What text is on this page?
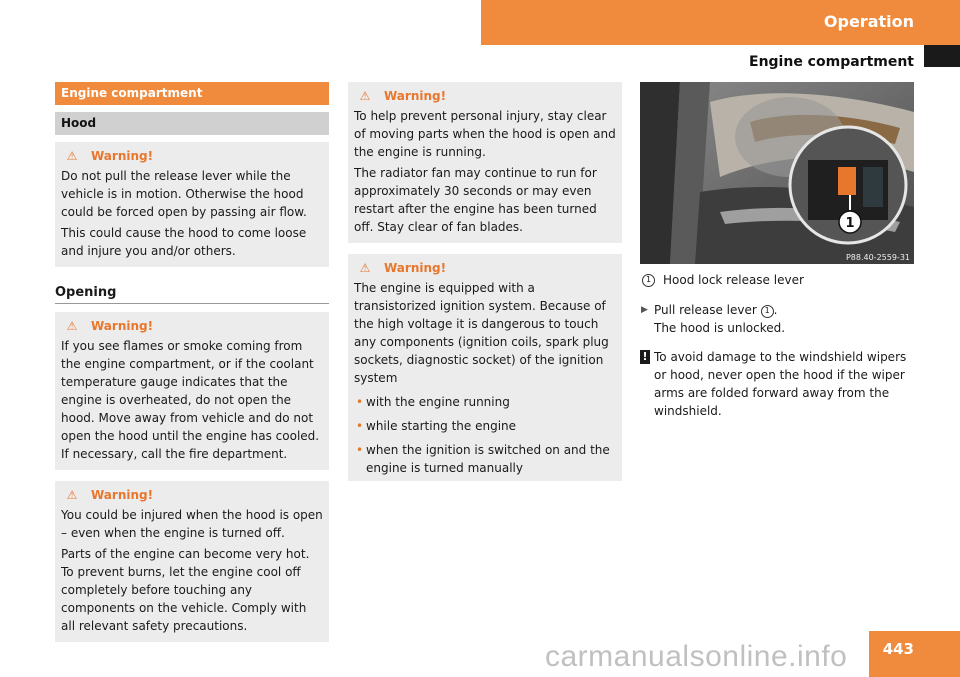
Operation
Engine compartment
Engine compartment
Hood
⚠ Warning!

Do not pull the release lever while the vehicle is in motion. Otherwise the hood could be forced open by passing air flow.

This could cause the hood to come loose and injure you and/or others.

Opening
⚠ Warning!

If you see flames or smoke coming from the engine compartment, or if the coolant temperature gauge indicates that the engine is overheated, do not open the hood. Move away from vehicle and do not open the hood until the engine has cooled. If necessary, call the fire department.

⚠ Warning!

You could be injured when the hood is open – even when the engine is turned off.

Parts of the engine can become very hot. To prevent burns, let the engine cool off completely before touching any components on the vehicle. Comply with all relevant safety precautions.

⚠ Warning!

To help prevent personal injury, stay clear of moving parts when the hood is open and the engine is running.

The radiator fan may continue to run for approximately 30 seconds or may even restart after the engine has been turned off. Stay clear of fan blades.

⚠ Warning!

The engine is equipped with a transistorized ignition system. Because of the high voltage it is dangerous to touch any components (ignition coils, spark plug sockets, diagnostic socket) of the ignition system

• with the engine running
• while starting the engine
• when the ignition is switched on and the engine is turned manually
1
P88.40-2559-31
1 Hood lock release lever
▶ Pull release lever 1 .
The hood is unlocked.
! To avoid damage to the windshield wipers or hood, never open the hood if the wiper arms are folded forward away from the windshield.
443
carmanualsonline.info
